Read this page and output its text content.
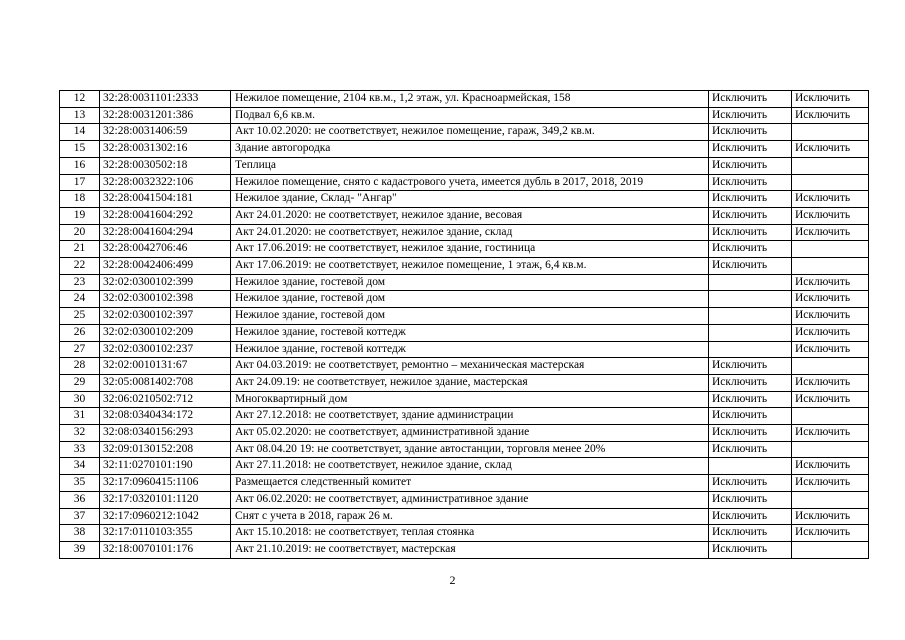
12	32:28:0031101:2333	Нежилое помещение, 2104 кв.м., 1,2 этаж, ул. Красноармейская, 158	Исключить	Исключить
13	32:28:0031201:386	Подвал 6,6 кв.м.	Исключить	Исключить
14	32:28:0031406:59	Акт 10.02.2020: не соответствует, нежилое помещение, гараж, 349,2 кв.м.	Исключить	
15	32:28:0031302:16	Здание автогородка	Исключить	Исключить
16	32:28:0030502:18	Теплица	Исключить	
17	32:28:0032322:106	Нежилое помещение, снято с кадастрового учета, имеется дубль в 2017, 2018, 2019	Исключить	
18	32:28:0041504:181	Нежилое здание, Склад- "Ангар"	Исключить	Исключить
19	32:28:0041604:292	Акт 24.01.2020: не соответствует, нежилое здание, весовая	Исключить	Исключить
20	32:28:0041604:294	Акт 24.01.2020: не соответствует, нежилое здание, склад	Исключить	Исключить
21	32:28:0042706:46	Акт 17.06.2019: не соответствует, нежилое здание, гостиница	Исключить	
22	32:28:0042406:499	Акт 17.06.2019: не соответствует, нежилое помещение, 1 этаж, 6,4 кв.м.	Исключить	
23	32:02:0300102:399	Нежилое здание, гостевой дом		Исключить
24	32:02:0300102:398	Нежилое здание, гостевой дом		Исключить
25	32:02:0300102:397	Нежилое здание, гостевой дом		Исключить
26	32:02:0300102:209	Нежилое здание, гостевой коттедж		Исключить
27	32:02:0300102:237	Нежилое здание, гостевой коттедж		Исключить
28	32:02:0010131:67	Акт 04.03.2019: не соответствует, ремонтно – механическая мастерская	Исключить	
29	32:05:0081402:708	Акт 24.09.19: не соответствует, нежилое здание, мастерская	Исключить	Исключить
30	32:06:0210502:712	Многоквартирный дом	Исключить	Исключить
31	32:08:0340434:172	Акт 27.12.2018: не соответствует, здание администрации	Исключить	
32	32:08:0340156:293	Акт 05.02.2020: не соответствует, административной здание	Исключить	Исключить
33	32:09:0130152:208	Акт 08.04.20 19: не соответствует, здание автостанции, торговля менее 20%	Исключить	
34	32:11:0270101:190	Акт 27.11.2018: не соответствует, нежилое здание, склад		Исключить
35	32:17:0960415:1106	Размещается следственный комитет	Исключить	Исключить
36	32:17:0320101:1120	Акт 06.02.2020: не соответствует, административное здание	Исключить	
37	32:17:0960212:1042	Снят с учета в 2018, гараж 26 м.	Исключить	Исключить
38	32:17:0110103:355	Акт 15.10.2018: не соответствует, теплая стоянка	Исключить	Исключить
39	32:18:0070101:176	Акт 21.10.2019: не соответствует, мастерская	Исключить	
2
